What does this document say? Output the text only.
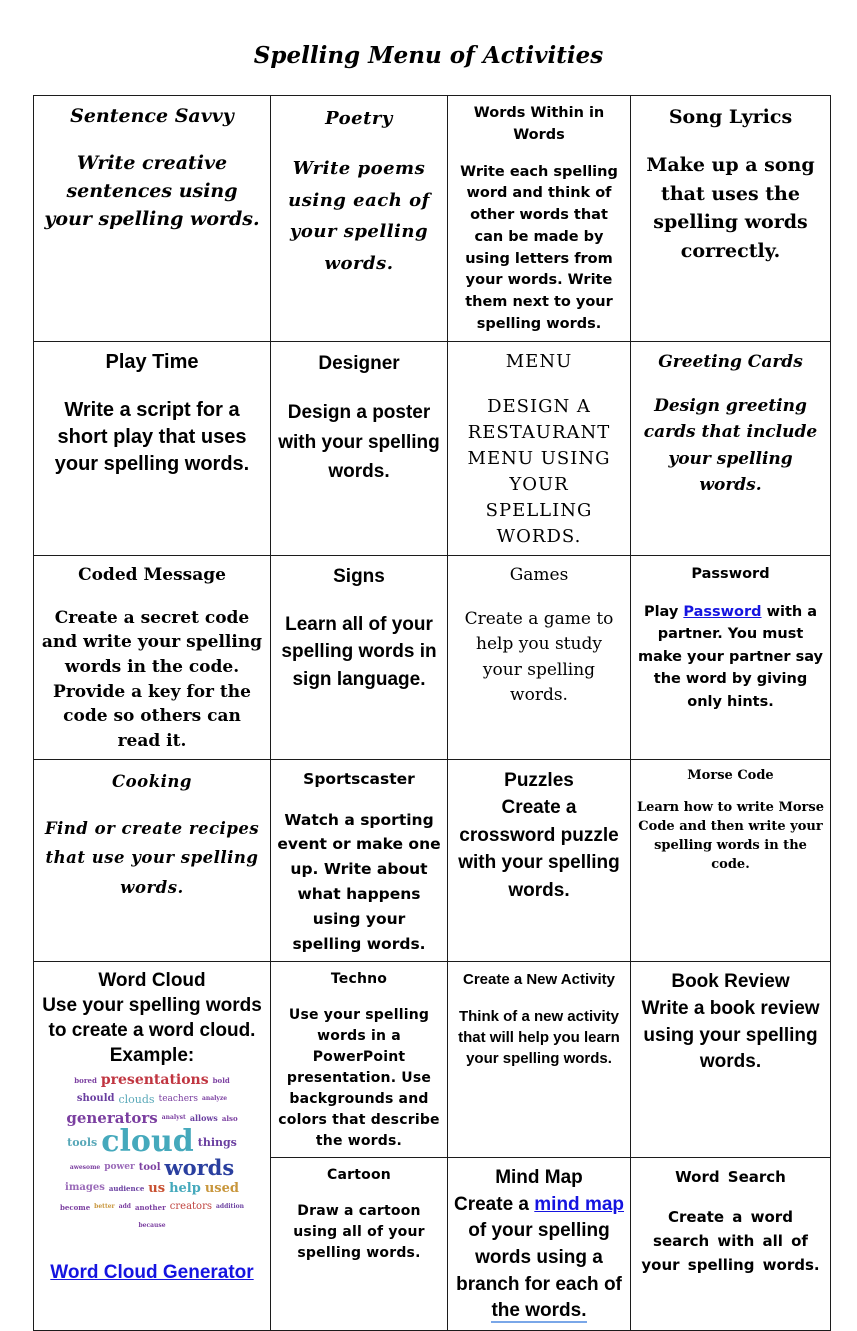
Spelling Menu of Activities
Sentence Savvy
Write creative sentences using your spelling words.

Poetry
Write poems using each of your spelling words.

Words Within in Words
Write each spelling word and think of other words that can be made by using letters from your words. Write them next to your spelling words.

Song Lyrics
Make up a song that uses the spelling words correctly.

Play Time
Write a script for a short play that uses your spelling words.

Designer
Design a poster with your spelling words.

MENU
DESIGN A RESTAURANT MENU USING YOUR SPELLING WORDS.

Greeting Cards
Design greeting cards that include your spelling words.

Coded Message
Create a secret code and write your spelling words in the code. Provide a key for the code so others can read it.

Signs
Learn all of your spelling words in sign language.

Games
Create a game to help you study your spelling words.

Password
Play Password with a partner. You must make your partner say the word by giving only hints.

Cooking
Find or create recipes that use your spelling words.

Sportscaster
Watch a sporting event or make one up. Write about what happens using your spelling words.

Puzzles
Create a crossword puzzle with your spelling words.

Morse Code
Learn how to write Morse Code and then write your spelling words in the code.

Word Cloud
Use your spelling words to create a word cloud.
Example:
bored presentations boldshould clouds teachers analyzegenerators analyst allows alsotools cloud thingsawesome power tool wordsimages audience us help usedbecome better add another creators additionbecause
Word Cloud Generator

Techno
Use your spelling words in a PowerPoint presentation. Use backgrounds and colors that describe the words.

Create a New Activity
Think of a new activity that will help you learn your spelling words.

Book Review
Write a book review using your spelling words.

Cartoon
Draw a cartoon using all of your spelling words.

Mind Map
Create a mind map of your spelling words using a branch for each of the words.

Word Search
Create a word search with all of your spelling words.
